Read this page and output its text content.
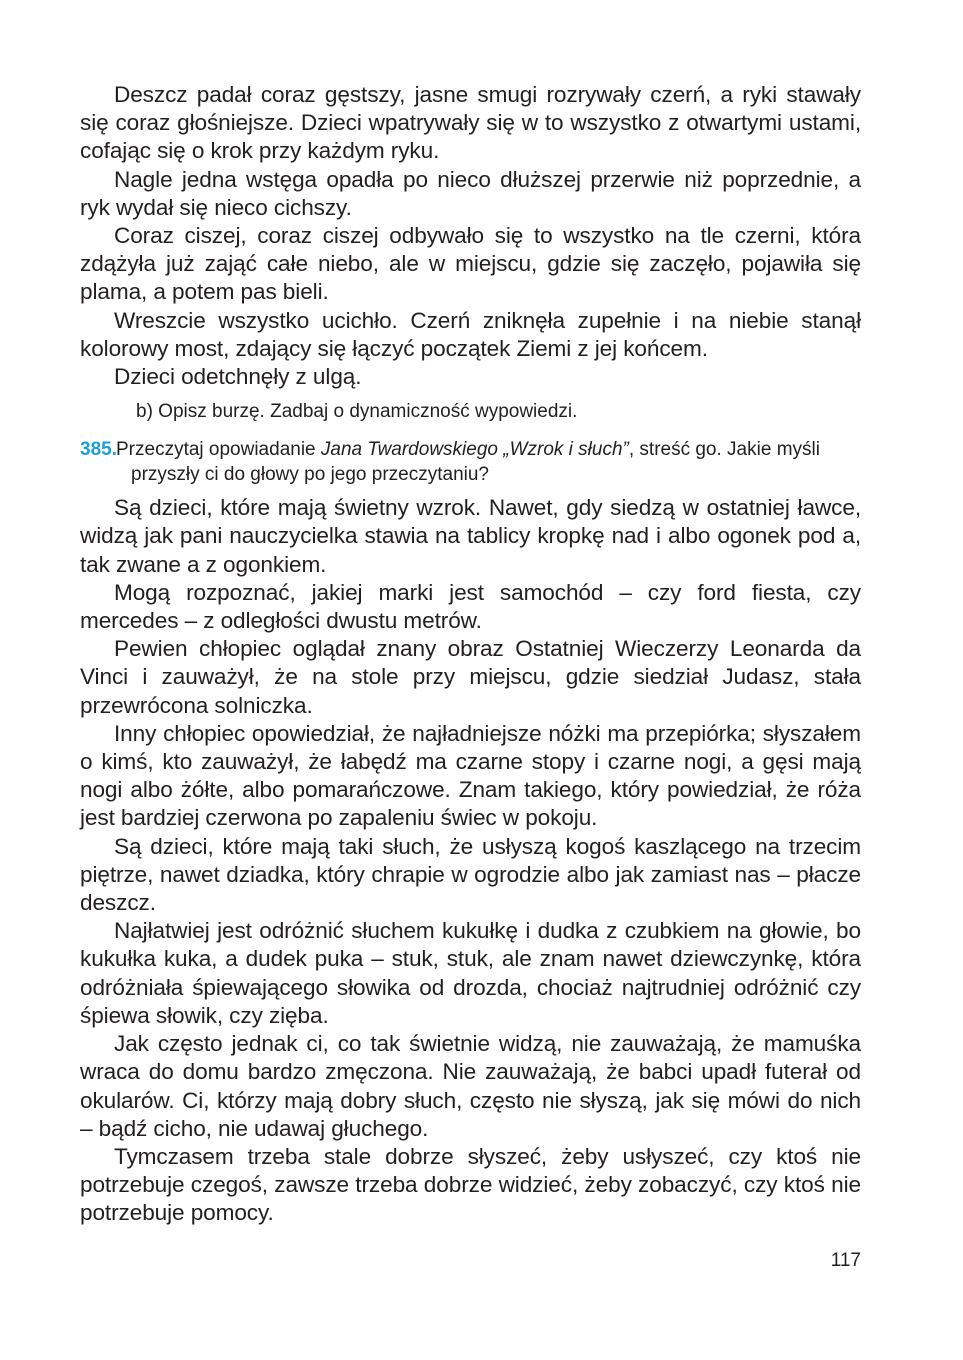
Deszcz padał coraz gęstszy, jasne smugi rozrywały czerń, a ryki stawały się coraz głośniejsze. Dzieci wpatrywały się w to wszystko z otwartymi ustami, cofając się o krok przy każdym ryku.

Nagle jedna wstęga opadła po nieco dłuższej przerwie niż poprzednie, a ryk wydał się nieco cichszy.

Coraz ciszej, coraz ciszej odbywało się to wszystko na tle czerni, która zdążyła już zająć całe niebo, ale w miejscu, gdzie się zaczęło, pojawiła się plama, a potem pas bieli.

Wreszcie wszystko ucichło. Czerń zniknęła zupełnie i na niebie stanął kolorowy most, zdający się łączyć początek Ziemi z jej końcem.

Dzieci odetchnęły z ulgą.

b) Opisz burzę. Zadbaj o dynamiczność wypowiedzi.

385. Przeczytaj opowiadanie Jana Twardowskiego „Wzrok i słuch”, streść go. Jakie myśli przyszły ci do głowy po jego przeczytaniu?

Są dzieci, które mają świetny wzrok. Nawet, gdy siedzą w ostatniej ławce, widzą jak pani nauczycielka stawia na tablicy kropkę nad i albo ogonek pod a, tak zwane a z ogonkiem.

Mogą rozpoznać, jakiej marki jest samochód – czy ford fiesta, czy mercedes – z odległości dwustu metrów.

Pewien chłopiec oglądał znany obraz Ostatniej Wieczerzy Leonarda da Vinci i zauważył, że na stole przy miejscu, gdzie siedział Judasz, stała przewrócona solniczka.

Inny chłopiec opowiedział, że najładniejsze nóżki ma przepiórka; słyszałem o kimś, kto zauważył, że łabędź ma czarne stopy i czarne nogi, a gęsi mają nogi albo żółte, albo pomarańczowe. Znam takiego, który powiedział, że róża jest bardziej czerwona po zapaleniu świec w pokoju.

Są dzieci, które mają taki słuch, że usłyszą kogoś kaszlącego na trzecim piętrze, nawet dziadka, który chrapie w ogrodzie albo jak zamiast nas – płacze deszcz.

Najłatwiej jest odróżnić słuchem kukułkę i dudka z czubkiem na głowie, bo kukułka kuka, a dudek puka – stuk, stuk, ale znam nawet dziewczynkę, która odróżniała śpiewającego słowika od drozda, chociaż najtrudniej odróżnić czy śpiewa słowik, czy zięba.

Jak często jednak ci, co tak świetnie widzą, nie zauważają, że mamuśka wraca do domu bardzo zmęczona. Nie zauważają, że babci upadł futerał od okularów. Ci, którzy mają dobry słuch, często nie słyszą, jak się mówi do nich – bądź cicho, nie udawaj głuchego.

Tymczasem trzeba stale dobrze słyszeć, żeby usłyszeć, czy ktoś nie potrzebuje czegoś, zawsze trzeba dobrze widzieć, żeby zobaczyć, czy ktoś nie potrzebuje pomocy.

117
